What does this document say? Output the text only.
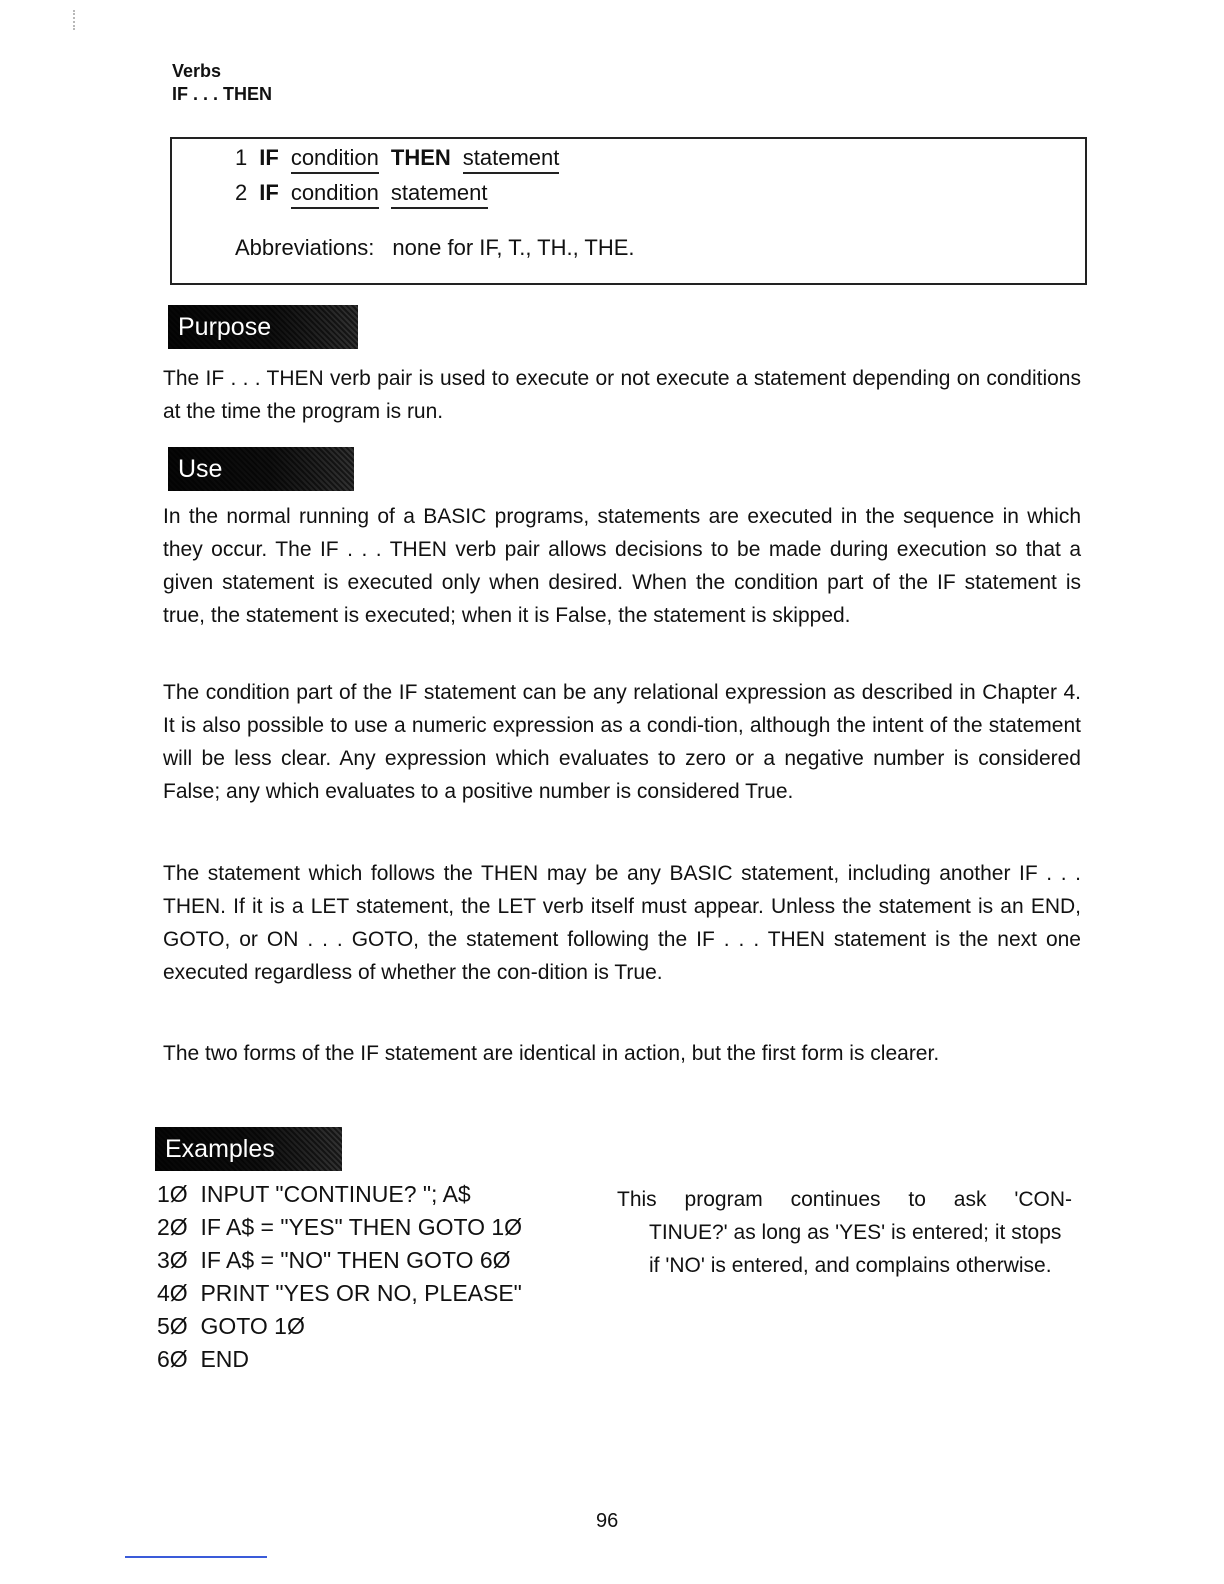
Verbs
IF . . . THEN
1 IF condition THEN statement
2 IF condition statement
Abbreviations: none for IF, T., TH., THE.
Purpose
The IF . . . THEN verb pair is used to execute or not execute a statement depending on conditions at the time the program is run.
Use
In the normal running of a BASIC programs, statements are executed in the sequence in which they occur. The IF . . . THEN verb pair allows decisions to be made during execution so that a given statement is executed only when desired. When the condition part of the IF statement is true, the statement is executed; when it is False, the statement is skipped.
The condition part of the IF statement can be any relational expression as described in Chapter 4. It is also possible to use a numeric expression as a condi-tion, although the intent of the statement will be less clear. Any expression which evaluates to zero or a negative number is considered False; any which evaluates to a positive number is considered True.
The statement which follows the THEN may be any BASIC statement, including another IF . . . THEN. If it is a LET statement, the LET verb itself must appear. Unless the statement is an END, GOTO, or ON . . . GOTO, the statement following the IF . . . THEN statement is the next one executed regardless of whether the con-dition is True.
The two forms of the IF statement are identical in action, but the first form is clearer.
Examples
1Ø  INPUT "CONTINUE? "; A$
2Ø  IF A$ = "YES" THEN GOTO 1Ø
3Ø  IF A$ = "NO" THEN GOTO 6Ø
4Ø  PRINT "YES OR NO, PLEASE"
5Ø  GOTO 1Ø
6Ø  END
This program continues to ask 'CON-
TINUE?' as long as 'YES' is entered; it stops if 'NO' is entered, and complains otherwise.
96
